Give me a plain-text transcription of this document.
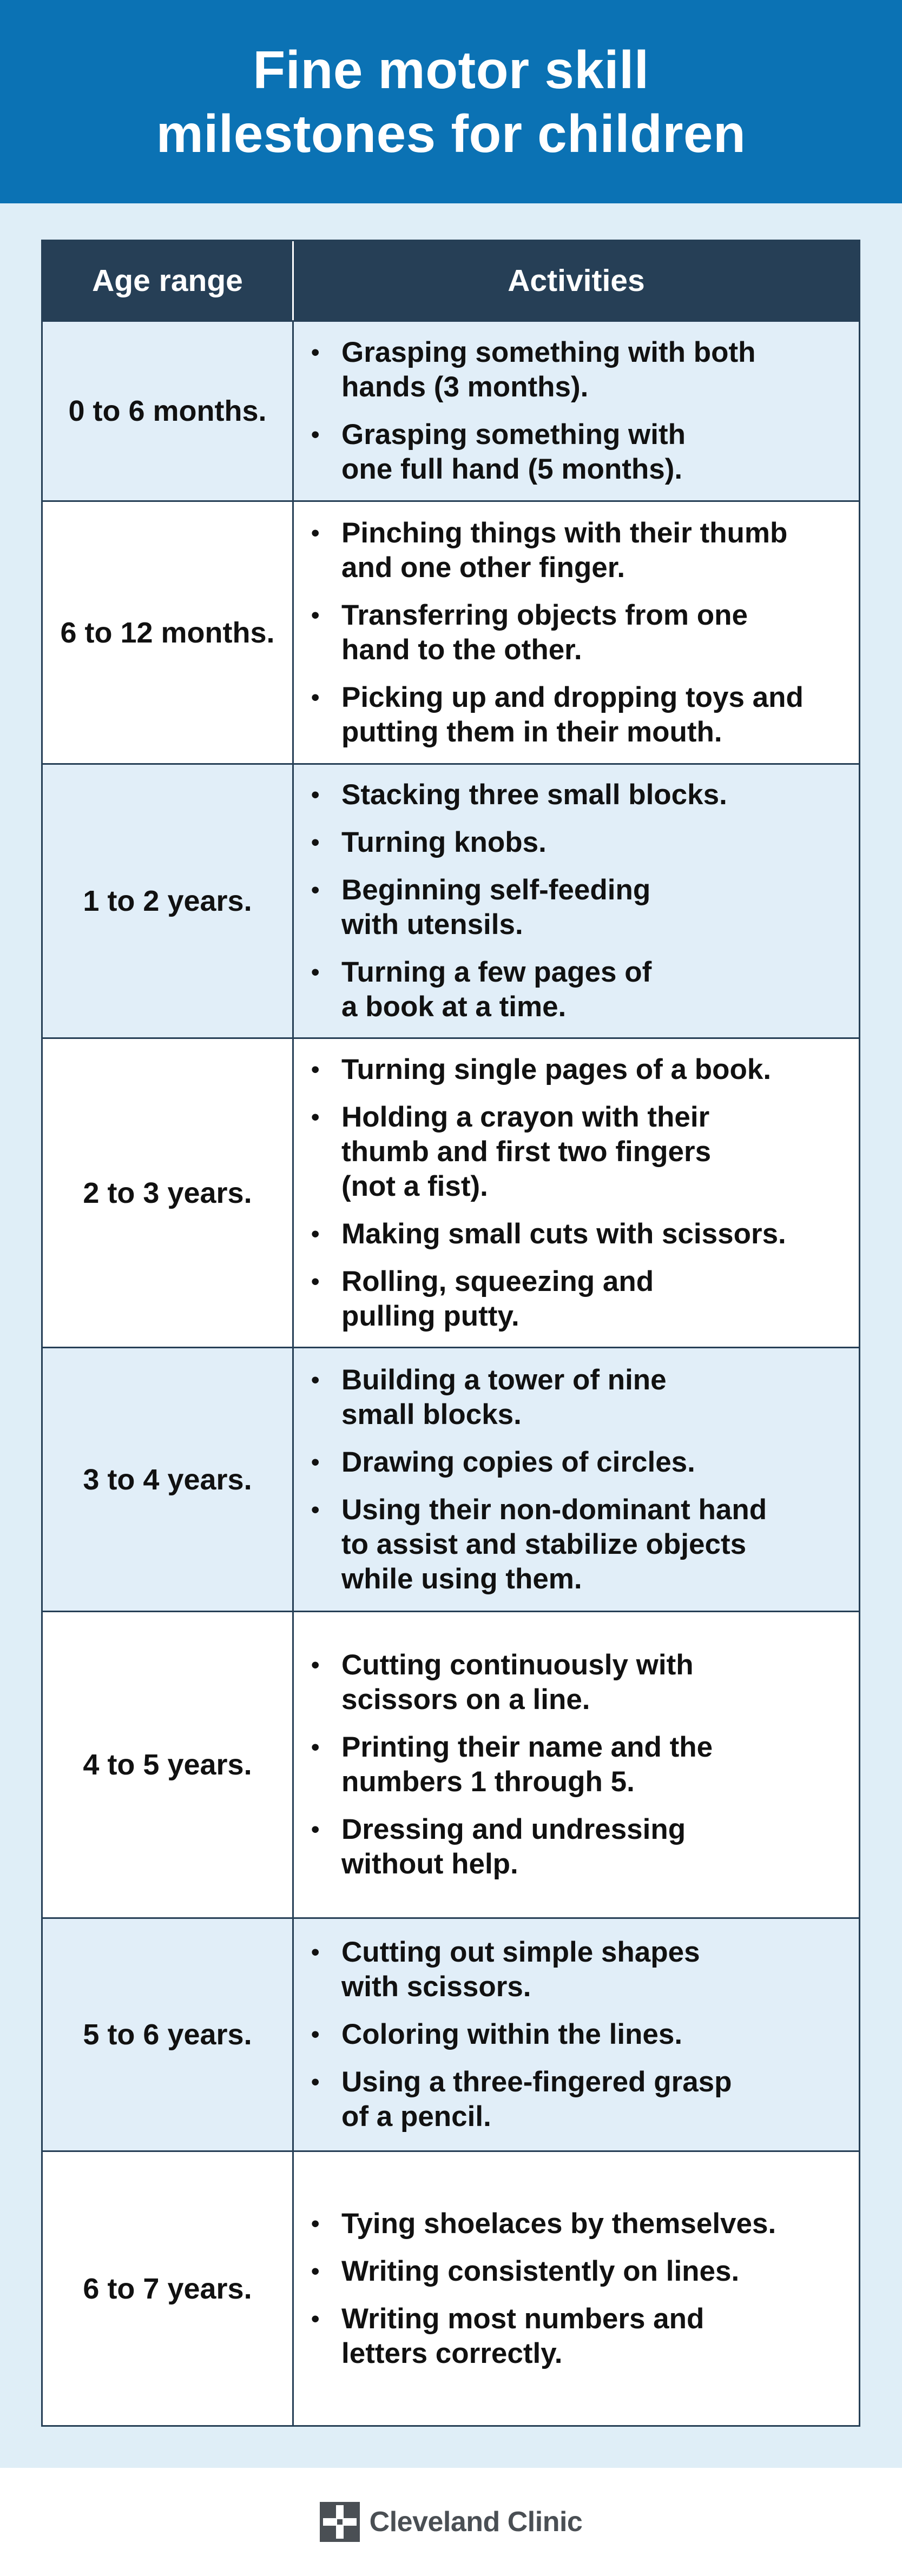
Fine motor skill
milestones for children
Age range	Activities
0 to 6 months.
• Grasping something with both
hands (3 months).
• Grasping something with
one full hand (5 months).
6 to 12 months.
• Pinching things with their thumb
and one other finger.
• Transferring objects from one
hand to the other.
• Picking up and dropping toys and
putting them in their mouth.
1 to 2 years.
• Stacking three small blocks.
• Turning knobs.
• Beginning self-feeding
with utensils.
• Turning a few pages of
a book at a time.
2 to 3 years.
• Turning single pages of a book.
• Holding a crayon with their
thumb and first two fingers
(not a fist).
• Making small cuts with scissors.
• Rolling, squeezing and
pulling putty.
3 to 4 years.
• Building a tower of nine
small blocks.
• Drawing copies of circles.
• Using their non-dominant hand
to assist and stabilize objects
while using them.
4 to 5 years.
• Cutting continuously with
scissors on a line.
• Printing their name and the
numbers 1 through 5.
• Dressing and undressing
without help.
5 to 6 years.
• Cutting out simple shapes
with scissors.
• Coloring within the lines.
• Using a three-fingered grasp
of a pencil.
6 to 7 years.
• Tying shoelaces by themselves.
• Writing consistently on lines.
• Writing most numbers and
letters correctly.
Cleveland Clinic
